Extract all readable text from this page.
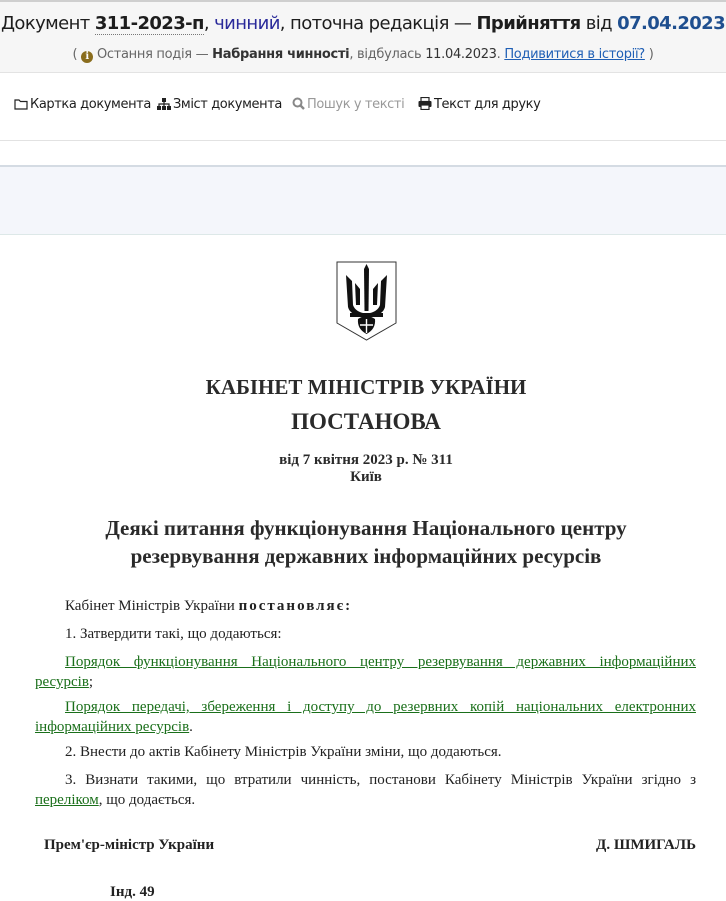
Документ 311-2023-п, чинний, поточна редакція — Прийняття від 07.04.2023
( i Остання подія — Набрання чинності, відбулась 11.04.2023. Подивитися в історії? )
Картка документа	Зміст документа	Пошук у тексті	Текст для друку
КАБІНЕТ МІНІСТРІВ УКРАЇНИ
ПОСТАНОВА
від 7 квітня 2023 р. № 311
Київ
Деякі питання функціонування Національного центру
резервування державних інформаційних ресурсів
Кабінет Міністрів України постановляє:
1. Затвердити такі, що додаються:
Порядок функціонування Національного центру резервування державних інформаційних ресурсів;
Порядок передачі, збереження і доступу до резервних копій національних електронних інформаційних ресурсів.
2. Внести до актів Кабінету Міністрів України зміни, що додаються.
3. Визнати такими, що втратили чинність, постанови Кабінету Міністрів України згідно з переліком, що додається.
Прем'єр-міністр України	Д. ШМИГАЛЬ
Інд. 49
